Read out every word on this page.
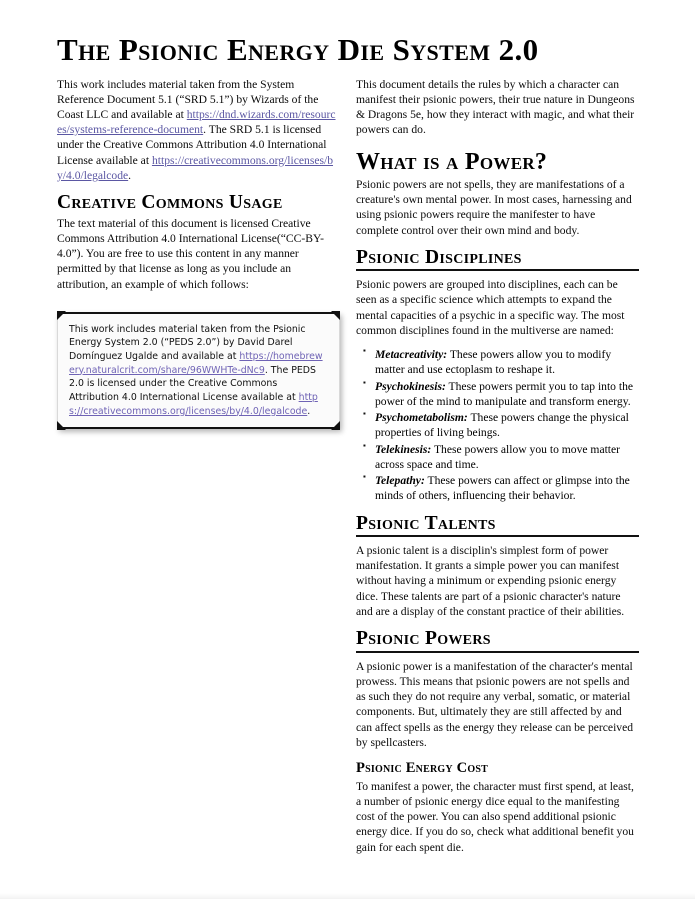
The Psionic Energy Die System 2.0

This work includes material taken from the System Reference Document 5.1 (“SRD 5.1”) by Wizards of the Coast LLC and available at https://dnd.wizards.com/resources/systems-reference-document. The SRD 5.1 is licensed under the Creative Commons Attribution 4.0 International License available at https://creativecommons.org/licenses/by/4.0/legalcode.

Creative Commons Usage

The text material of this document is licensed Creative Commons Attribution 4.0 International License(“CC-BY-4.0”). You are free to use this content in any manner permitted by that license as long as you include an attribution, an example of which follows:

This work includes material taken from the Psionic Energy System 2.0 (“PEDS 2.0”) by David Darel Domínguez Ugalde and available at https://homebrewery.naturalcrit.com/share/96WWHTe-dNc9. The PEDS 2.0 is licensed under the Creative Commons Attribution 4.0 International License available at https://creativecommons.org/licenses/by/4.0/legalcode.

This document details the rules by which a character can manifest their psionic powers, their true nature in Dungeons & Dragons 5e, how they interact with magic, and what their powers can do.

What is a Power?

Psionic powers are not spells, they are manifestations of a creature's own mental power. In most cases, harnessing and using psionic powers require the manifester to have complete control over their own mind and body.

Psionic Disciplines

Psionic powers are grouped into disciplines, each can be seen as a specific science which attempts to expand the mental capacities of a psychic in a specific way. The most common disciplines found in the multiverse are named:

▪ Metacreativity: These powers allow you to modify matter and use ectoplasm to reshape it.
▪ Psychokinesis: These powers permit you to tap into the power of the mind to manipulate and transform energy.
▪ Psychometabolism: These powers change the physical properties of living beings.
▪ Telekinesis: These powers allow you to move matter across space and time.
▪ Telepathy: These powers can affect or glimpse into the minds of others, influencing their behavior.
Psionic Talents

A psionic talent is a disciplin's simplest form of power manifestation. It grants a simple power you can manifest without having a minimum or expending psionic energy dice. These talents are part of a psionic character's nature and are a display of the constant practice of their abilities.

Psionic Powers

A psionic power is a manifestation of the character's mental prowess. This means that psionic powers are not spells and as such they do not require any verbal, somatic, or material components. But, ultimately they are still affected by and can affect spells as the energy they release can be perceived by spellcasters.

Psionic Energy Cost

To manifest a power, the character must first spend, at least, a number of psionic energy dice equal to the manifesting cost of the power. You can also spend additional psionic energy dice. If you do so, check what additional benefit you gain for each spent die.
